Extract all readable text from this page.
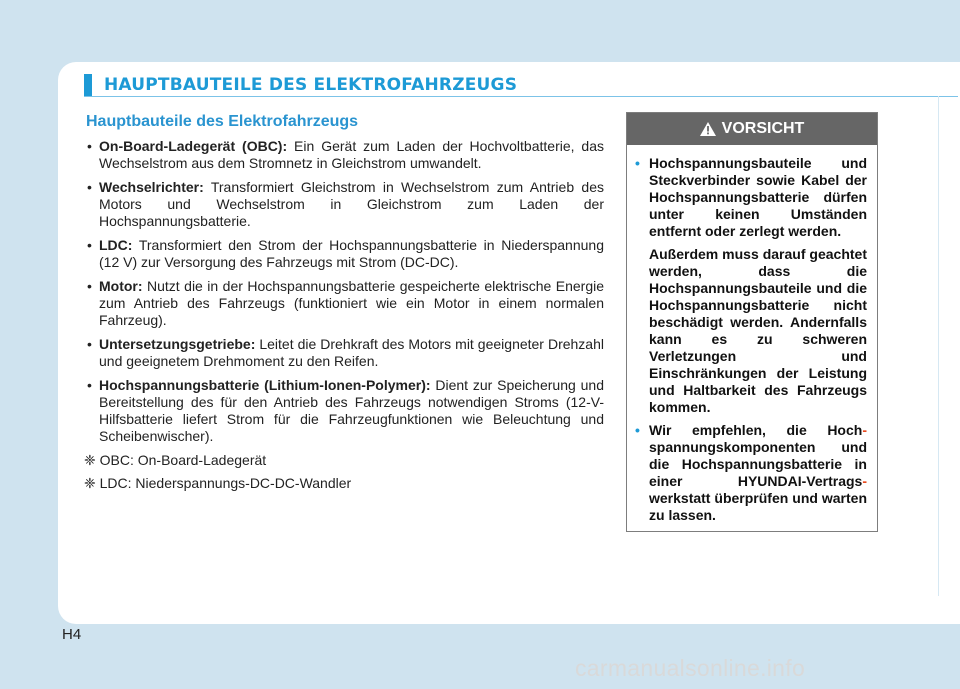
HAUPTBAUTEILE DES ELEKTROFAHRZEUGS
Hauptbauteile des Elektrofahrzeugs
• On-Board-Ladegerät (OBC): Ein Gerät zum Laden der Hochvoltbatterie, das Wechselstrom aus dem Stromnetz in Gleichstrom umwandelt.
• Wechselrichter: Transformiert Gleichstrom in Wechselstrom zum Antrieb des Motors und Wechselstrom in Gleichstrom zum Laden der Hochspannungsbatterie.
• LDC: Transformiert den Strom der Hochspannungsbatterie in Niederspannung (12 V) zur Versorgung des Fahrzeugs mit Strom (DC-DC).
• Motor: Nutzt die in der Hochspannungsbatterie gespeicherte elektrische Energie zum Antrieb des Fahrzeugs (funktioniert wie ein Motor in einem normalen Fahrzeug).
• Untersetzungsgetriebe: Leitet die Drehkraft des Motors mit geeigneter Drehzahl und geeignetem Drehmoment zu den Reifen.
• Hochspannungsbatterie (Lithium-Ionen-Polymer): Dient zur Speicherung und Bereitstellung des für den Antrieb des Fahrzeugs notwendigen Stroms (12-V-Hilfsbatterie liefert Strom für die Fahrzeugfunktionen wie Beleuchtung und Scheibenwischer).
❈ OBC: On-Board-Ladegerät
❈ LDC: Niederspannungs-DC-DC-Wandler
VORSICHT
• Hochspannungsbauteile und Steckverbinder sowie Kabel der Hochspannungsbatterie dürfen unter keinen Umständen entfernt oder zerlegt werden.
Außerdem muss darauf geachtet werden, dass die Hochspannungsbauteile und die Hochspannungsbatterie nicht beschädigt werden. Andernfalls kann es zu schweren Verletzungen und Einschränkungen der Leistung und Haltbarkeit des Fahrzeugs kommen.
• Wir empfehlen, die Hoch- spannungskomponenten und die Hochspannungsbatterie in einer HYUNDAI-Vertrags- werkstatt überprüfen und warten zu lassen.
H4
carmanualsonline.info
